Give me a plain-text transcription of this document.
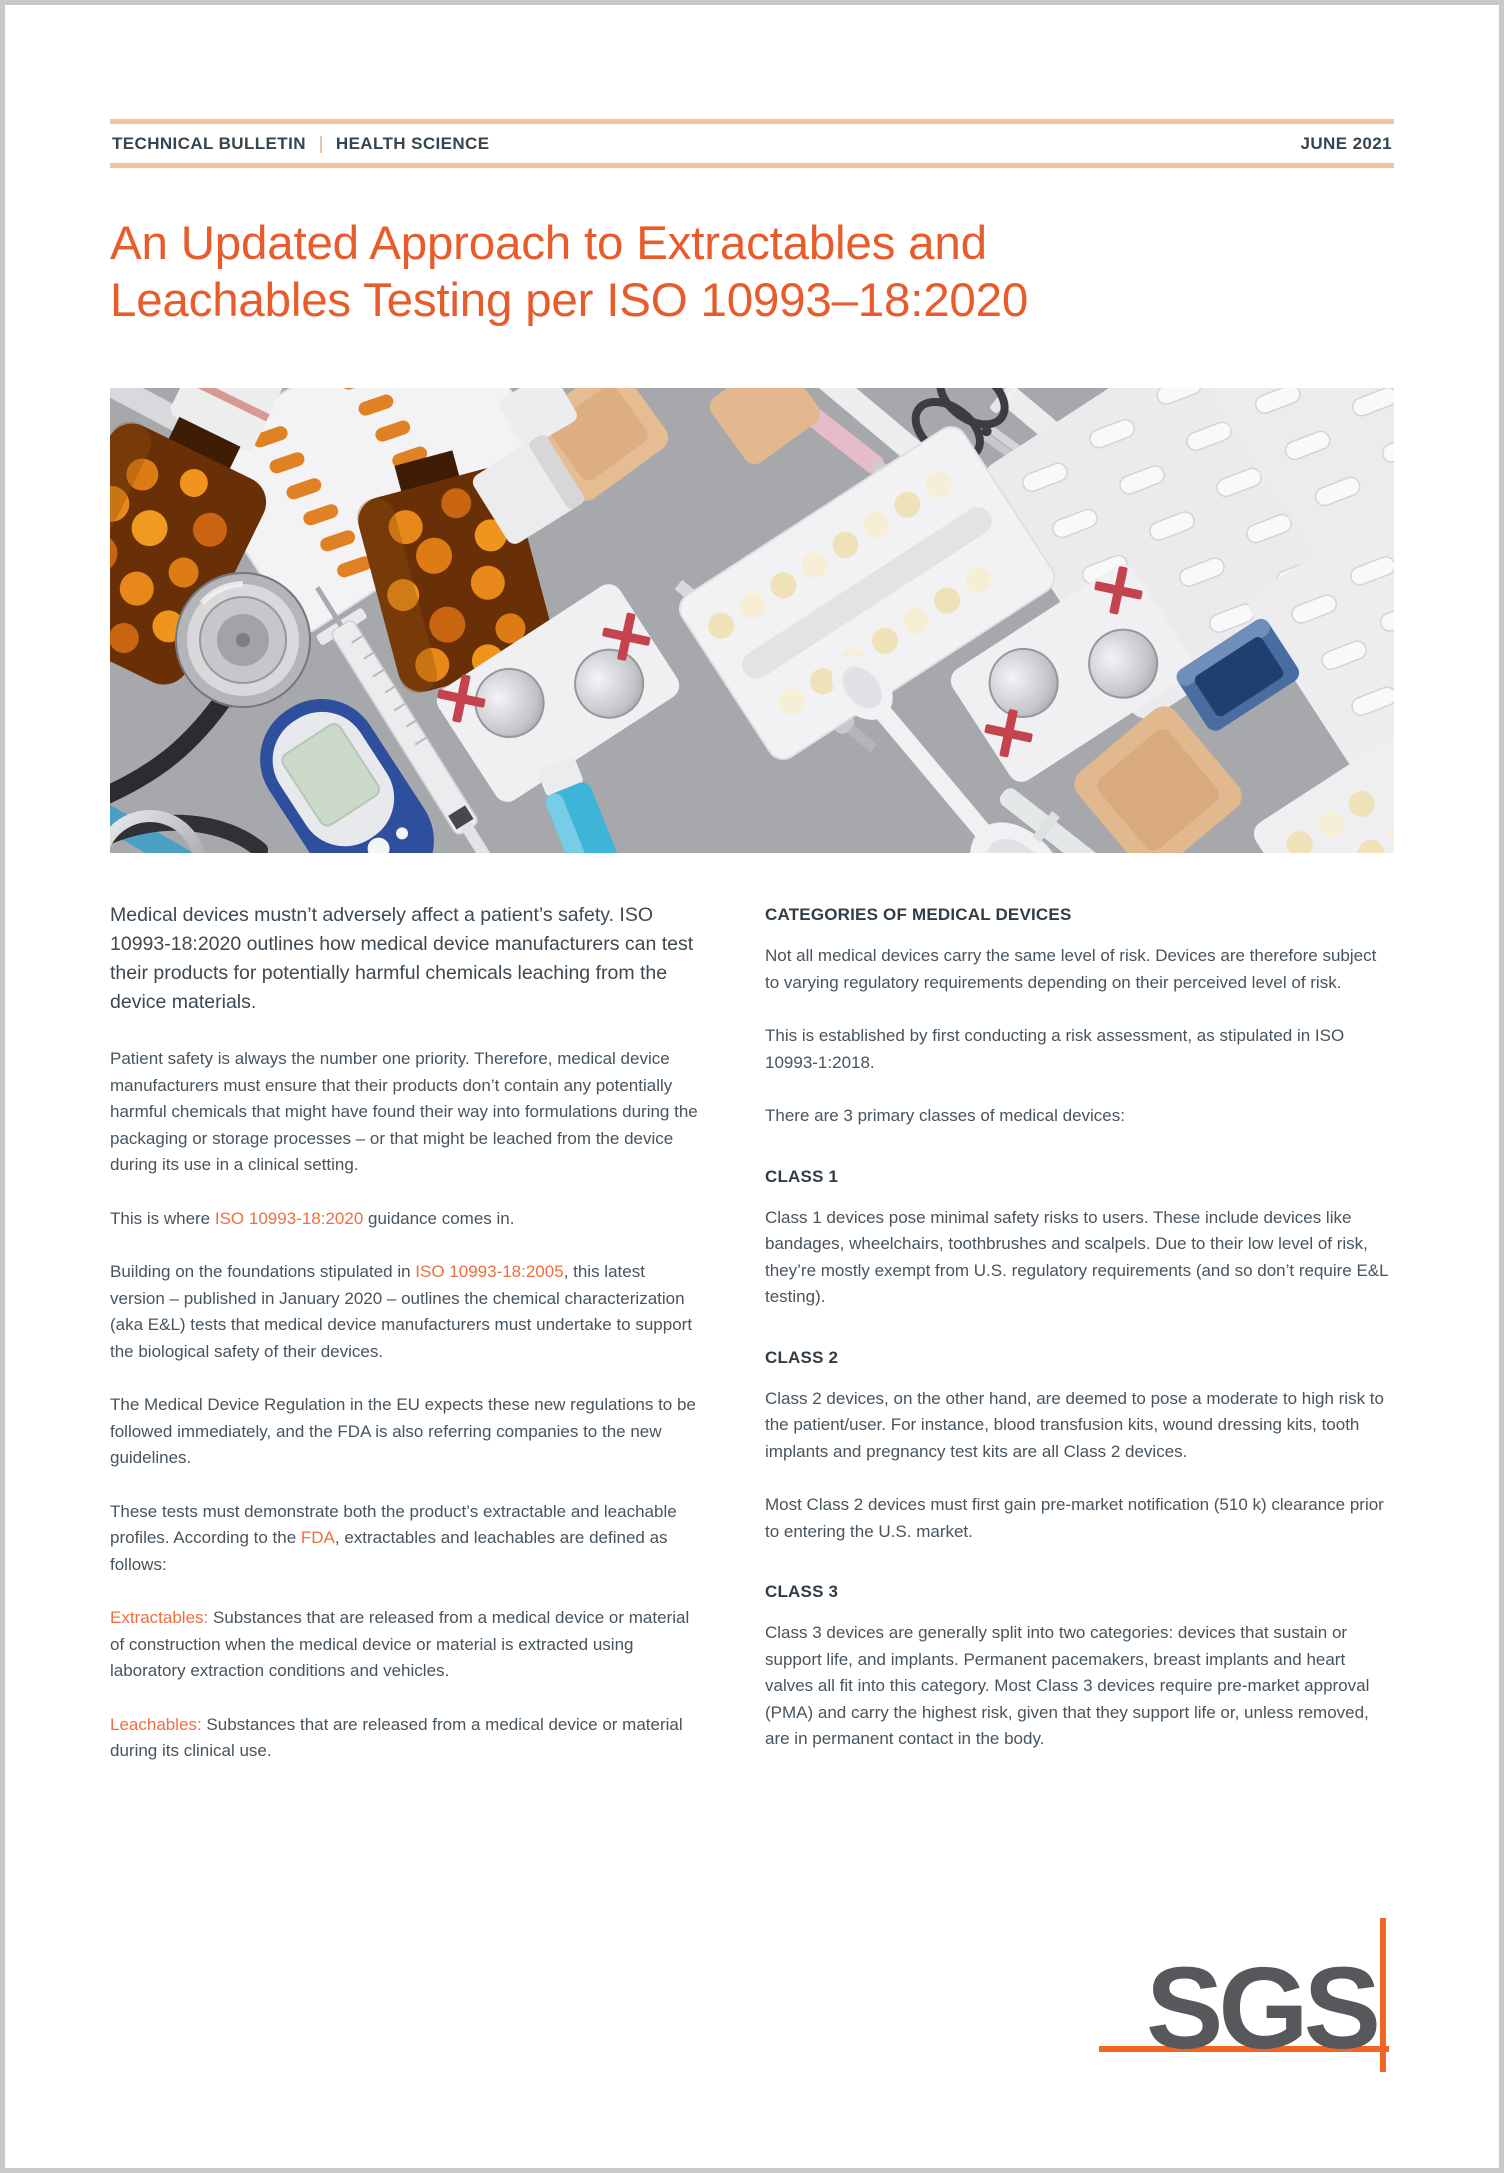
TECHNICAL BULLETIN HEALTH SCIENCE	JUNE 2021
An Updated Approach to Extractables and
Leachables Testing per ISO 10993–18:2020

Medical devices mustn’t adversely affect a patient’s safety. ISO 10993-18:2020 outlines how medical device manufacturers can test their products for potentially harmful chemicals leaching from the device materials.

Patient safety is always the number one priority. Therefore, medical device manufacturers must ensure that their products don’t contain any potentially harmful chemicals that might have found their way into formulations during the packaging or storage processes – or that might be leached from the device during its use in a clinical setting.

This is where ISO 10993-18:2020 guidance comes in.

Building on the foundations stipulated in ISO 10993-18:2005, this latest version – published in January 2020 – outlines the chemical characterization (aka E&L) tests that medical device manufacturers must undertake to support the biological safety of their devices.

The Medical Device Regulation in the EU expects these new regulations to be followed immediately, and the FDA is also referring companies to the new guidelines.

These tests must demonstrate both the product’s extractable and leachable profiles. According to the FDA, extractables and leachables are defined as follows:

Extractables: Substances that are released from a medical device or material of construction when the medical device or material is extracted using laboratory extraction conditions and vehicles.

Leachables: Substances that are released from a medical device or material during its clinical use.

CATEGORIES OF MEDICAL DEVICES

Not all medical devices carry the same level of risk. Devices are therefore subject to varying regulatory requirements depending on their perceived level of risk.

This is established by first conducting a risk assessment, as stipulated in ISO 10993-1:2018.

There are 3 primary classes of medical devices:

CLASS 1

Class 1 devices pose minimal safety risks to users. These include devices like bandages, wheelchairs, toothbrushes and scalpels. Due to their low level of risk, they’re mostly exempt from U.S. regulatory requirements (and so don’t require E&L testing).

CLASS 2

Class 2 devices, on the other hand, are deemed to pose a moderate to high risk to the patient/user. For instance, blood transfusion kits, wound dressing kits, tooth implants and pregnancy test kits are all Class 2 devices.

Most Class 2 devices must first gain pre-market notification (510 k) clearance prior to entering the U.S. market.

CLASS 3

Class 3 devices are generally split into two categories: devices that sustain or support life, and implants. Permanent pacemakers, breast implants and heart valves all fit into this category. Most Class 3 devices require pre-market approval (PMA) and carry the highest risk, given that they support life or, unless removed, are in permanent contact in the body.

SGS
